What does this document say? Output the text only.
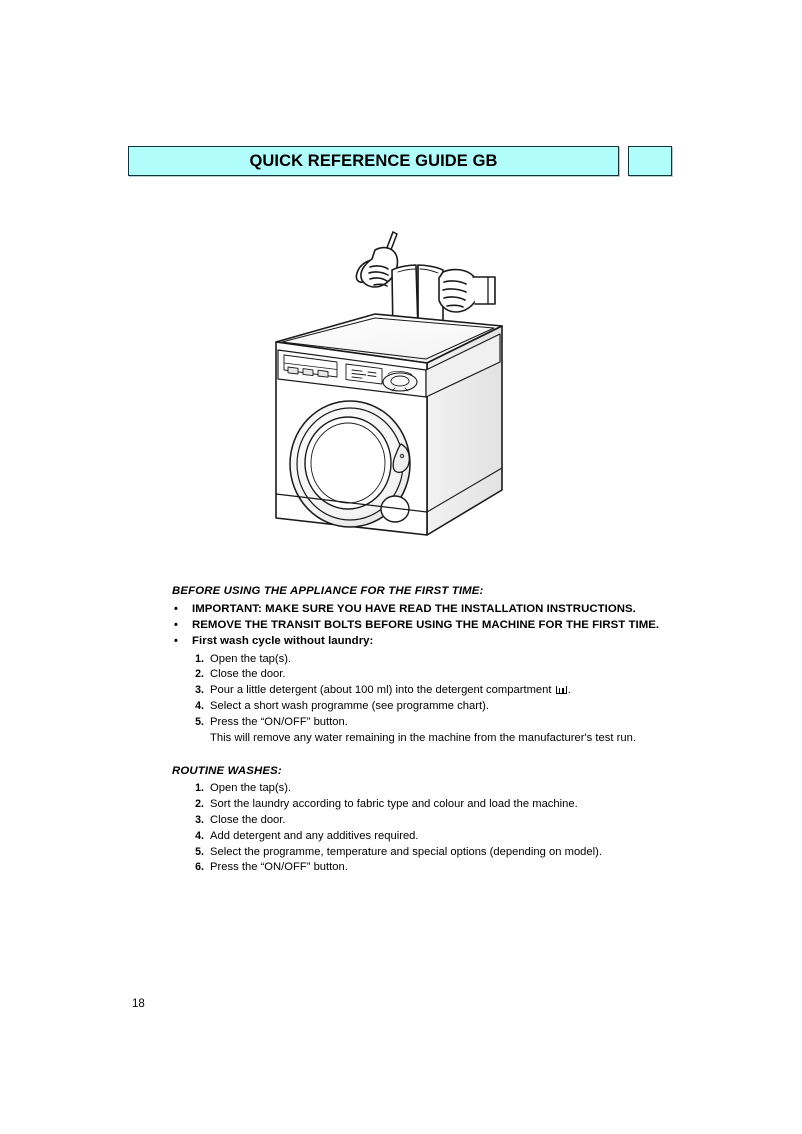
QUICK REFERENCE GUIDE GB
BEFORE USING THE APPLIANCE FOR THE FIRST TIME:
• IMPORTANT: MAKE SURE YOU HAVE READ THE INSTALLATION INSTRUCTIONS.
• REMOVE THE TRANSIT BOLTS BEFORE USING THE MACHINE FOR THE FIRST TIME.
• First wash cycle without laundry:
1. Open the tap(s).
2. Close the door.
3. Pour a little detergent (about 100 ml) into the detergent compartment
.
4. Select a short wash programme (see programme chart).
5. Press the “ON/OFF” button.
This will remove any water remaining in the machine from the manufacturer's test run.
ROUTINE WASHES:
1. Open the tap(s).
2. Sort the laundry according to fabric type and colour and load the machine.
3. Close the door.
4. Add detergent and any additives required.
5. Select the programme, temperature and special options (depending on model).
6. Press the “ON/OFF” button.
18
